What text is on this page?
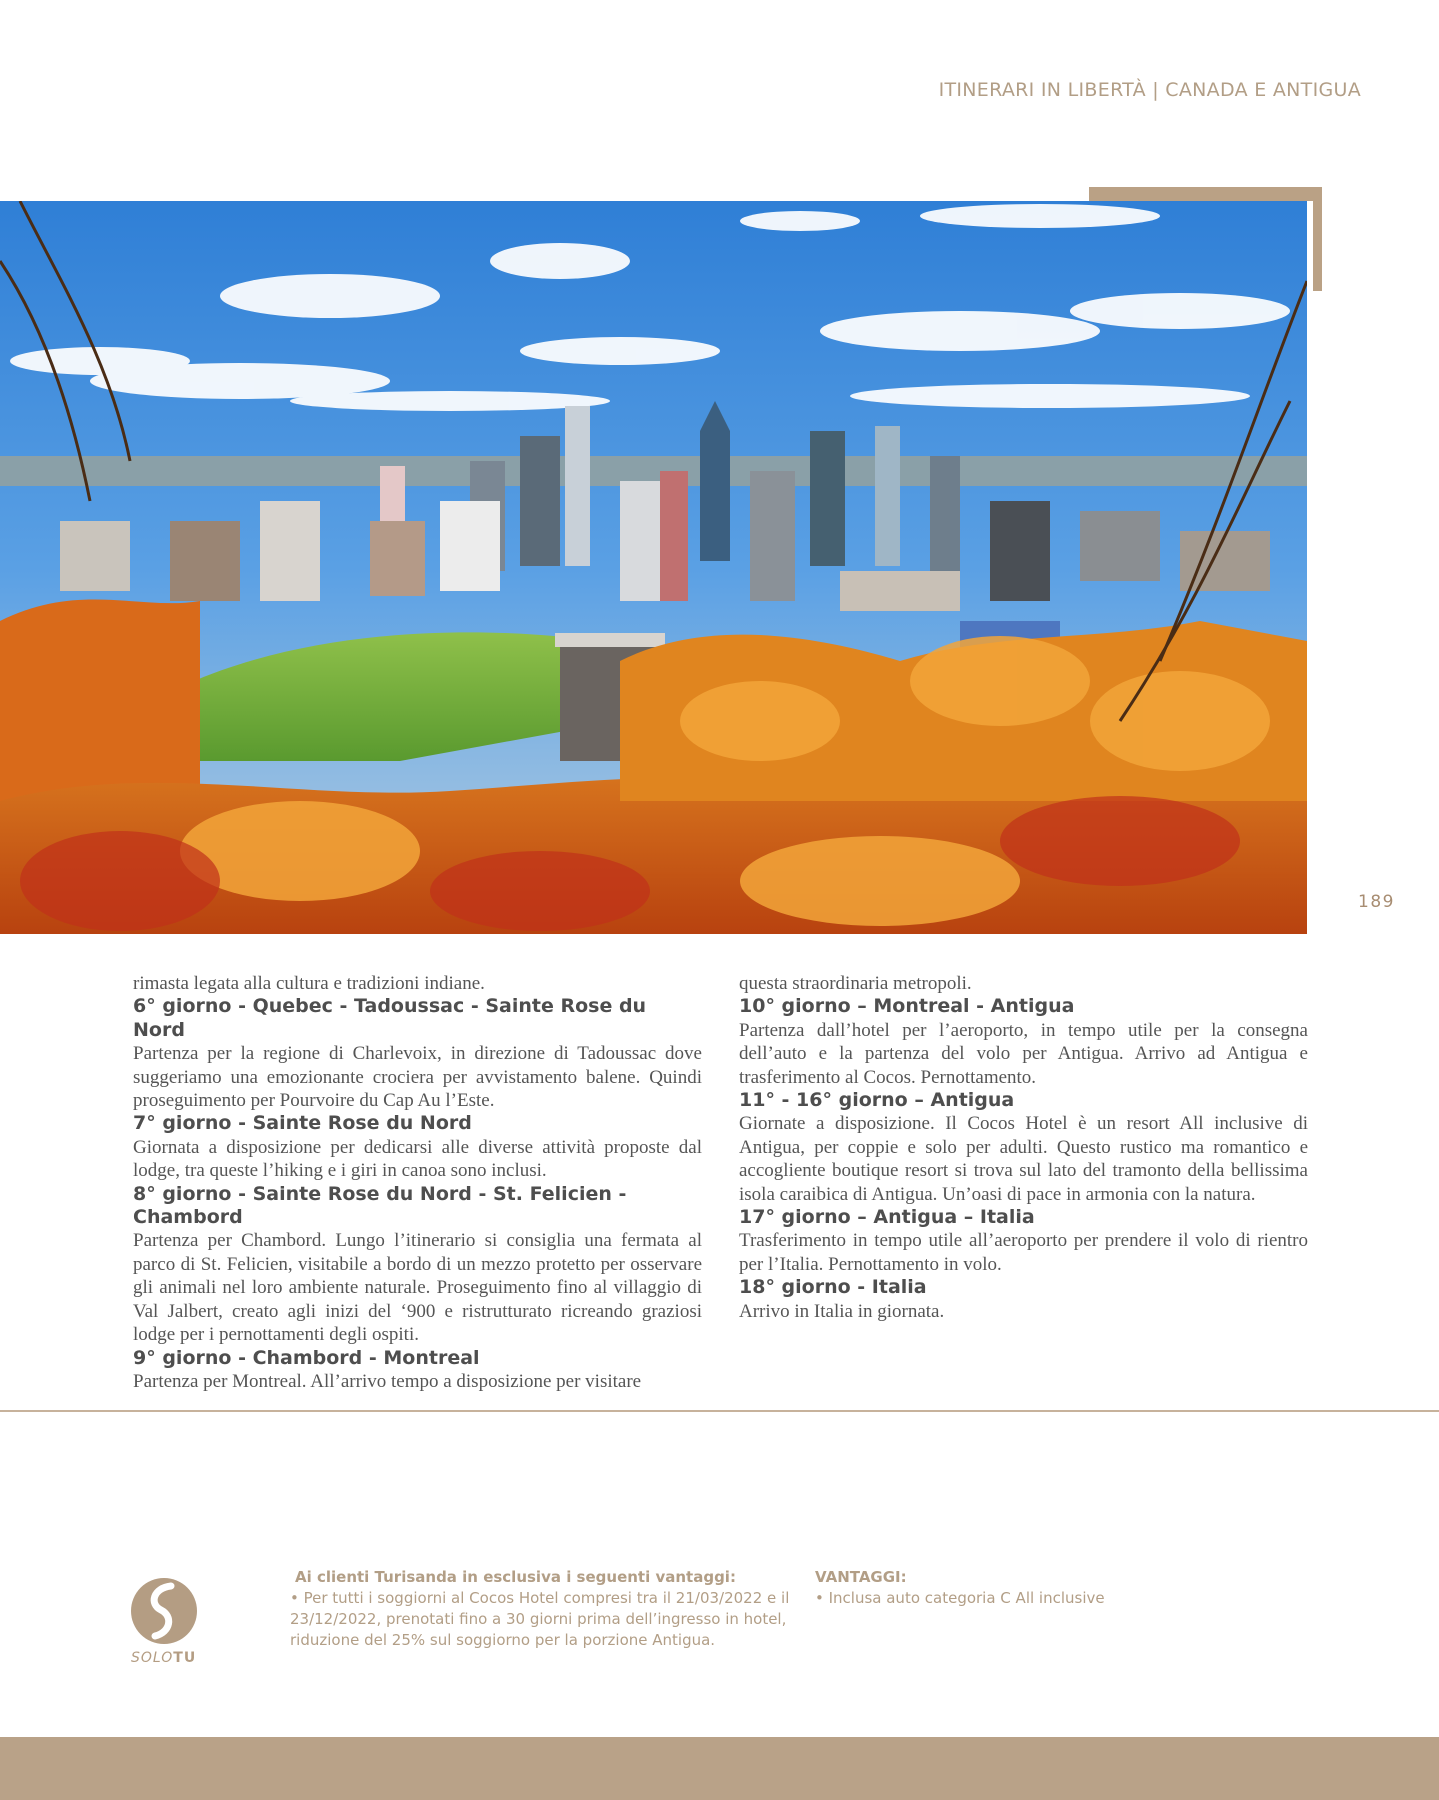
ITINERARI IN LIBERTÀ | CANADA E ANTIGUA
189

rimasta legata alla cultura e tradizioni indiane.

6° giorno - Quebec - Tadoussac - Sainte Rose du Nord

Partenza per la regione di Charlevoix, in direzione di Tadoussac dove suggeriamo una emozionante crociera per avvistamento balene. Quindi proseguimento per Pourvoire du Cap Au l’Este.

7° giorno - Sainte Rose du Nord

Giornata a disposizione per dedicarsi alle diverse attività proposte dal lodge, tra queste l’hiking e i giri in canoa sono inclusi.

8° giorno - Sainte Rose du Nord - St. Felicien - Chambord

Partenza per Chambord. Lungo l’itinerario si consiglia una fermata al parco di St. Felicien, visitabile a bordo di un mezzo protetto per osservare gli animali nel loro ambiente naturale. Proseguimento fino al villaggio di Val Jalbert, creato agli inizi del ‘900 e ristrutturato ricreando graziosi lodge per i pernottamenti degli ospiti.

9° giorno - Chambord - Montreal

Partenza per Montreal. All’arrivo tempo a disposizione per visitare

questa straordinaria metropoli.

10° giorno – Montreal - Antigua

Partenza dall’hotel per l’aeroporto, in tempo utile per la consegna dell’auto e la partenza del volo per Antigua. Arrivo ad Antigua e trasferimento al Cocos. Pernottamento.

11° - 16° giorno – Antigua

Giornate a disposizione. Il Cocos Hotel è un resort All inclusive di Antigua, per coppie e solo per adulti. Questo rustico ma romantico e accogliente boutique resort si trova sul lato del tramonto della bellissima isola caraibica di Antigua. Un’oasi di pace in armonia con la natura.

17° giorno – Antigua – Italia

Trasferimento in tempo utile all’aeroporto per prendere il volo di rientro per l’Italia. Pernottamento in volo.

18° giorno - Italia

Arrivo in Italia in giornata.

SOLOTU

Ai clienti Turisanda in esclusiva i seguenti vantaggi:

• Per tutti i soggiorni al Cocos Hotel compresi tra il 21/03/2022 e il 23/12/2022, prenotati fino a 30 giorni prima dell’ingresso in hotel, riduzione del 25% sul soggiorno per la porzione Antigua.

VANTAGGI:

• Inclusa auto categoria C All inclusive
